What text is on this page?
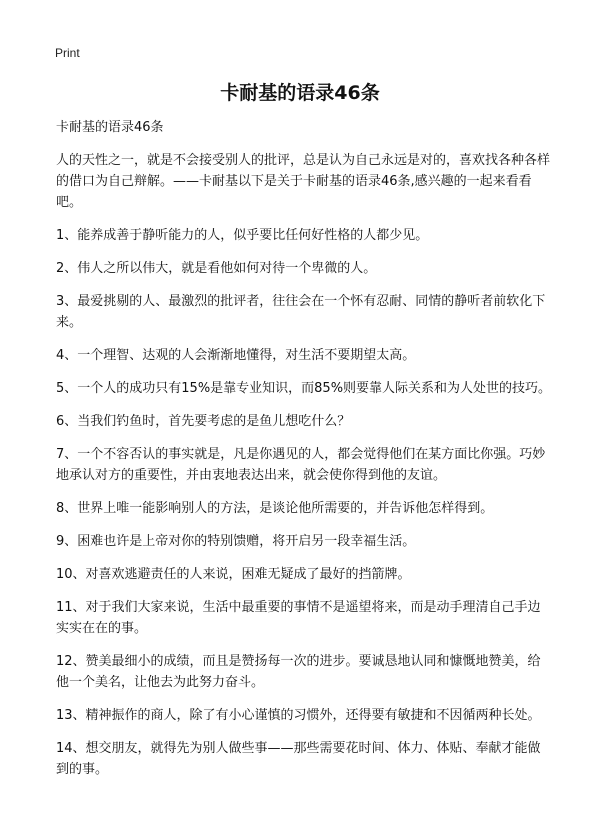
Print
卡耐基的语录46条

卡耐基的语录46条

人的天性之一，就是不会接受别人的批评，总是认为自己永远是对的，喜欢找各种各样的借口为自己辩解。——卡耐基以下是关于卡耐基的语录46条,感兴趣的一起来看看吧。

1、能养成善于静听能力的人，似乎要比任何好性格的人都少见。

2、伟人之所以伟大，就是看他如何对待一个卑微的人。

3、最爱挑剔的人、最激烈的批评者，往往会在一个怀有忍耐、同情的静听者前软化下来。

4、一个理智、达观的人会渐渐地懂得，对生活不要期望太高。

5、一个人的成功只有15%是靠专业知识，而85%则要靠人际关系和为人处世的技巧。

6、当我们钓鱼时，首先要考虑的是鱼儿想吃什么？

7、一个不容否认的事实就是，凡是你遇见的人，都会觉得他们在某方面比你强。巧妙地承认对方的重要性，并由衷地表达出来，就会使你得到他的友谊。

8、世界上唯一能影响别人的方法，是谈论他所需要的，并告诉他怎样得到。

9、困难也许是上帝对你的特别馈赠，将开启另一段幸福生活。

10、对喜欢逃避责任的人来说，困难无疑成了最好的挡箭牌。

11、对于我们大家来说，生活中最重要的事情不是遥望将来，而是动手理清自己手边实实在在的事。

12、赞美最细小的成绩，而且是赞扬每一次的进步。要诚恳地认同和慷慨地赞美，给他一个美名，让他去为此努力奋斗。

13、精神振作的商人，除了有小心谨慎的习惯外，还得要有敏捷和不因循两种长处。

14、想交朋友，就得先为别人做些事——那些需要花时间、体力、体贴、奉献才能做到的事。
